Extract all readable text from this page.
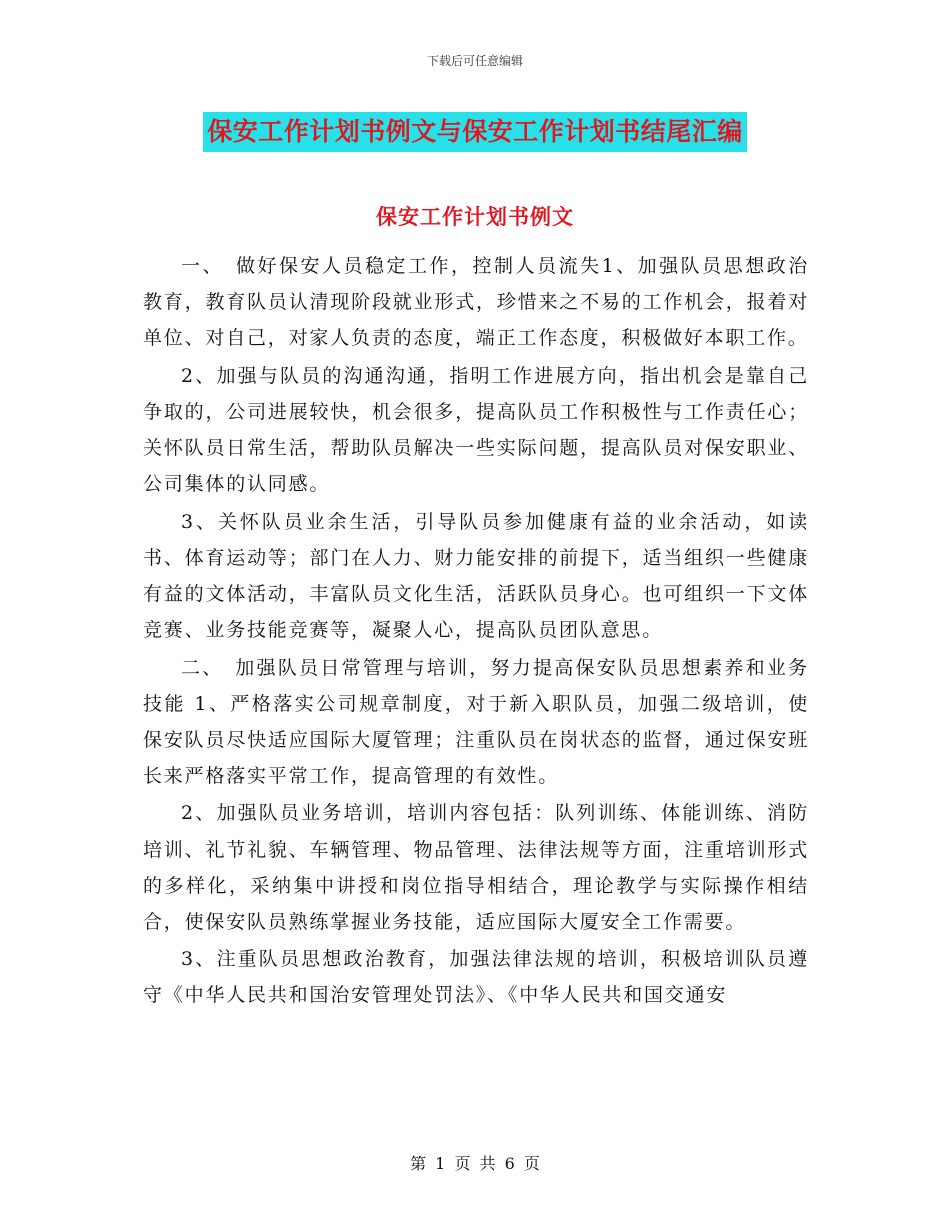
下载后可任意编辑
保安工作计划书例文与保安工作计划书结尾汇编
保安工作计划书例文

一、　做好保安人员稳定工作，控制人员流失1、加强队员思想政治教育，教育队员认清现阶段就业形式，珍惜来之不易的工作机会，报着对单位、对自己，对家人负责的态度，端正工作态度，积极做好本职工作。

2、加强与队员的沟通沟通，指明工作进展方向，指出机会是靠自己争取的，公司进展较快，机会很多，提高队员工作积极性与工作责任心；关怀队员日常生活，帮助队员解决一些实际问题，提高队员对保安职业、公司集体的认同感。

3、关怀队员业余生活，引导队员参加健康有益的业余活动，如读书、体育运动等；部门在人力、财力能安排的前提下，适当组织一些健康有益的文体活动，丰富队员文化生活，活跃队员身心。也可组织一下文体竞赛、业务技能竞赛等，凝聚人心，提高队员团队意思。

二、　加强队员日常管理与培训，努力提高保安队员思想素养和业务技能 1、严格落实公司规章制度，对于新入职队员，加强二级培训，使保安队员尽快适应国际大厦管理；注重队员在岗状态的监督，通过保安班长来严格落实平常工作，提高管理的有效性。

2、加强队员业务培训，培训内容包括：队列训练、体能训练、消防培训、礼节礼貌、车辆管理、物品管理、法律法规等方面，注重培训形式的多样化，采纳集中讲授和岗位指导相结合，理论教学与实际操作相结合，使保安队员熟练掌握业务技能，适应国际大厦安全工作需要。

3、注重队员思想政治教育，加强法律法规的培训，积极培训队员遵守《中华人民共和国治安管理处罚法》、《中华人民共和国交通安

第 1 页 共 6 页
